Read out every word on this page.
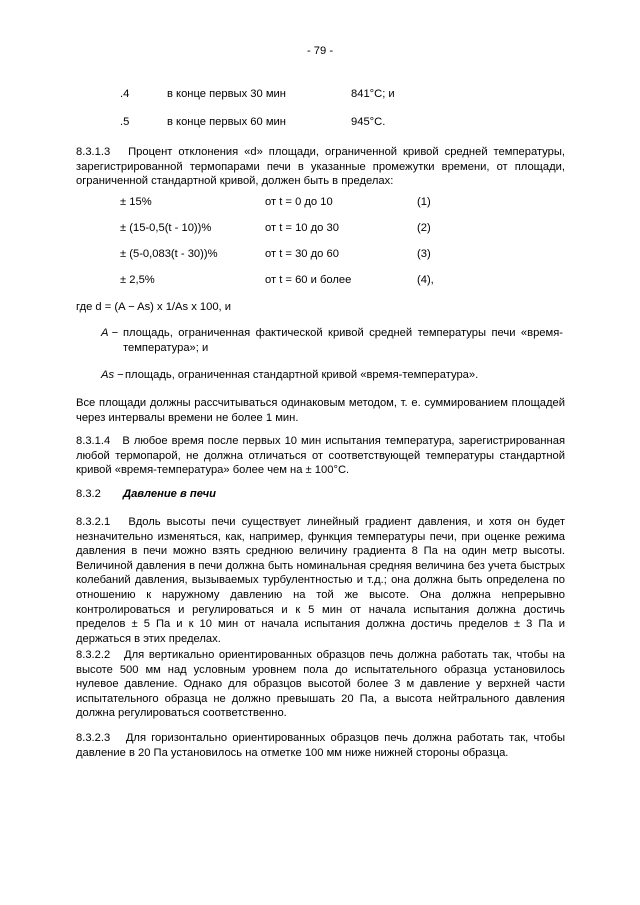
- 79 -
.4	в конце первых 30 мин	841°C; и
.5	в конце первых 60 мин	945°C.
8.3.1.3 Процент отклонения «d» площади, ограниченной кривой средней температуры, зарегистрированной термопарами печи в указанные промежутки времени, от площади, ограниченной стандартной кривой, должен быть в пределах:
± 15%	от t = 0 до 10	(1)
± (15-0,5(t - 10))%	от t = 10 до 30	(2)
± (5-0,083(t - 30))%	от t = 30 до 60	(3)
± 2,5%	от t = 60 и более	(4),
где d = (A − As) x 1/As x 100, и
A − площадь, ограниченная фактической кривой средней температуры печи «время-температура»; и
As − площадь, ограниченная стандартной кривой «время-температура».
Все площади должны рассчитываться одинаковым методом, т. е. суммированием площадей через интервалы времени не более 1 мин.
8.3.1.4 В любое время после первых 10 мин испытания температура, зарегистрированная любой термопарой, не должна отличаться от соответствующей температуры стандартной кривой «время-температура» более чем на ± 100°C.
8.3.2 Давление в печи
8.3.2.1 Вдоль высоты печи существует линейный градиент давления, и хотя он будет незначительно изменяться, как, например, функция температуры печи, при оценке режима давления в печи можно взять среднюю величину градиента 8 Па на один метр высоты. Величиной давления в печи должна быть номинальная средняя величина без учета быстрых колебаний давления, вызываемых турбулентностью и т.д.; она должна быть определена по отношению к наружному давлению на той же высоте. Она должна непрерывно контролироваться и регулироваться и к 5 мин от начала испытания должна достичь пределов ± 5 Па и к 10 мин от начала испытания должна достичь пределов ± 3 Па и держаться в этих пределах.
8.3.2.2 Для вертикально ориентированных образцов печь должна работать так, чтобы на высоте 500 мм над условным уровнем пола до испытательного образца установилось нулевое давление. Однако для образцов высотой более 3 м давление у верхней части испытательного образца не должно превышать 20 Па, а высота нейтрального давления должна регулироваться соответственно.
8.3.2.3 Для горизонтально ориентированных образцов печь должна работать так, чтобы давление в 20 Па установилось на отметке 100 мм ниже нижней стороны образца.
